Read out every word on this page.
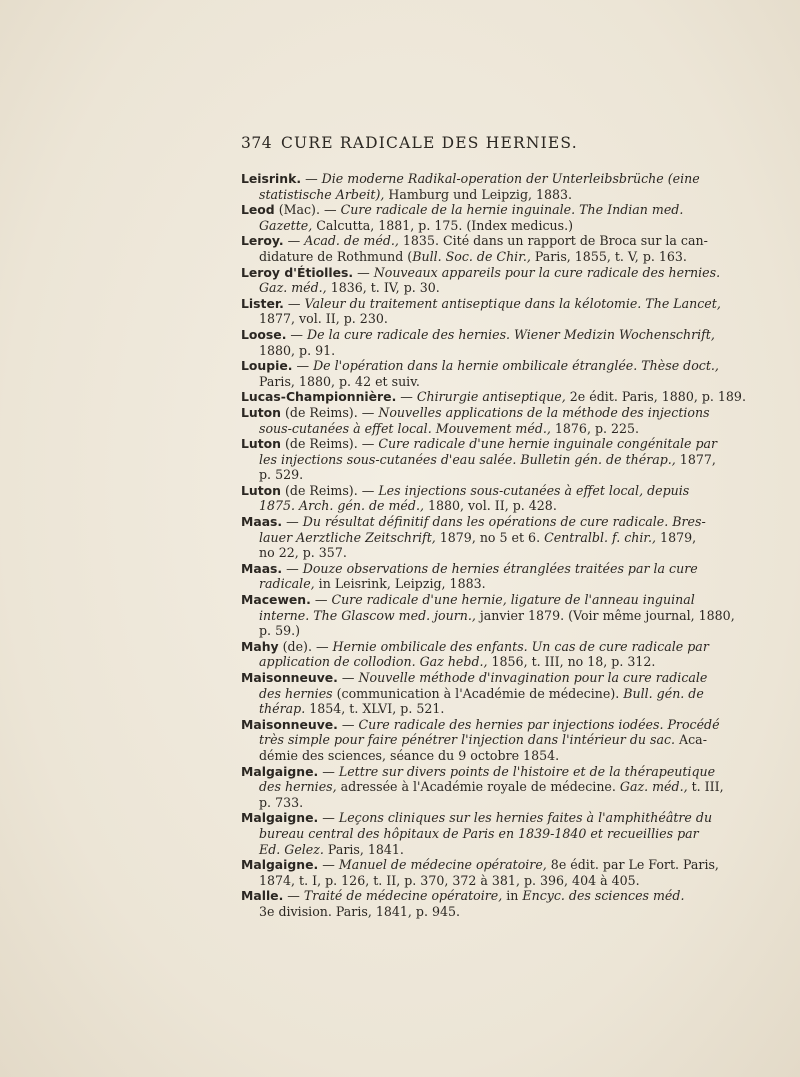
374 CURE RADICALE DES HERNIES.
Leisrink. — Die moderne Radikal-operation der Unterleibsbrüche (eine
statistische Arbeit), Hamburg und Leipzig, 1883.
Leod (Mac). — Cure radicale de la hernie inguinale. The Indian med.
Gazette, Calcutta, 1881, p. 175. (Index medicus.)
Leroy. — Acad. de méd., 1835. Cité dans un rapport de Broca sur la can-
didature de Rothmund (Bull. Soc. de Chir., Paris, 1855, t. V, p. 163.
Leroy d'Étiolles. — Nouveaux appareils pour la cure radicale des hernies.
Gaz. méd., 1836, t. IV, p. 30.
Lister. — Valeur du traitement antiseptique dans la kélotomie. The Lancet,
1877, vol. II, p. 230.
Loose. — De la cure radicale des hernies. Wiener Medizin Wochenschrift,
1880, p. 91.
Loupie. — De l'opération dans la hernie ombilicale étranglée. Thèse doct.,
Paris, 1880, p. 42 et suiv.
Lucas-Championnière. — Chirurgie antiseptique, 2e édit. Paris, 1880, p. 189.
Luton (de Reims). — Nouvelles applications de la méthode des injections
sous-cutanées à effet local. Mouvement méd., 1876, p. 225.
Luton (de Reims). — Cure radicale d'une hernie inguinale congénitale par
les injections sous-cutanées d'eau salée. Bulletin gén. de thérap., 1877,
p. 529.
Luton (de Reims). — Les injections sous-cutanées à effet local, depuis
1875. Arch. gén. de méd., 1880, vol. II, p. 428.
Maas. — Du résultat définitif dans les opérations de cure radicale. Bres-
lauer Aerztliche Zeitschrift, 1879, no 5 et 6. Centralbl. f. chir., 1879,
no 22, p. 357.
Maas. — Douze observations de hernies étranglées traitées par la cure
radicale, in Leisrink, Leipzig, 1883.
Macewen. — Cure radicale d'une hernie, ligature de l'anneau inguinal
interne. The Glascow med. journ., janvier 1879. (Voir même journal, 1880,
p. 59.)
Mahy (de). — Hernie ombilicale des enfants. Un cas de cure radicale par
application de collodion. Gaz hebd., 1856, t. III, no 18, p. 312.
Maisonneuve. — Nouvelle méthode d'invagination pour la cure radicale
des hernies (communication à l'Académie de médecine). Bull. gén. de
thérap. 1854, t. XLVI, p. 521.
Maisonneuve. — Cure radicale des hernies par injections iodées. Procédé
très simple pour faire pénétrer l'injection dans l'intérieur du sac. Aca-
démie des sciences, séance du 9 octobre 1854.
Malgaigne. — Lettre sur divers points de l'histoire et de la thérapeutique
des hernies, adressée à l'Académie royale de médecine. Gaz. méd., t. III,
p. 733.
Malgaigne. — Leçons cliniques sur les hernies faites à l'amphithéâtre du
bureau central des hôpitaux de Paris en 1839-1840 et recueillies par
Ed. Gelez. Paris, 1841.
Malgaigne. — Manuel de médecine opératoire, 8e édit. par Le Fort. Paris,
1874, t. I, p. 126, t. II, p. 370, 372 à 381, p. 396, 404 à 405.
Malle. — Traité de médecine opératoire, in Encyc. des sciences méd.
3e division. Paris, 1841, p. 945.
